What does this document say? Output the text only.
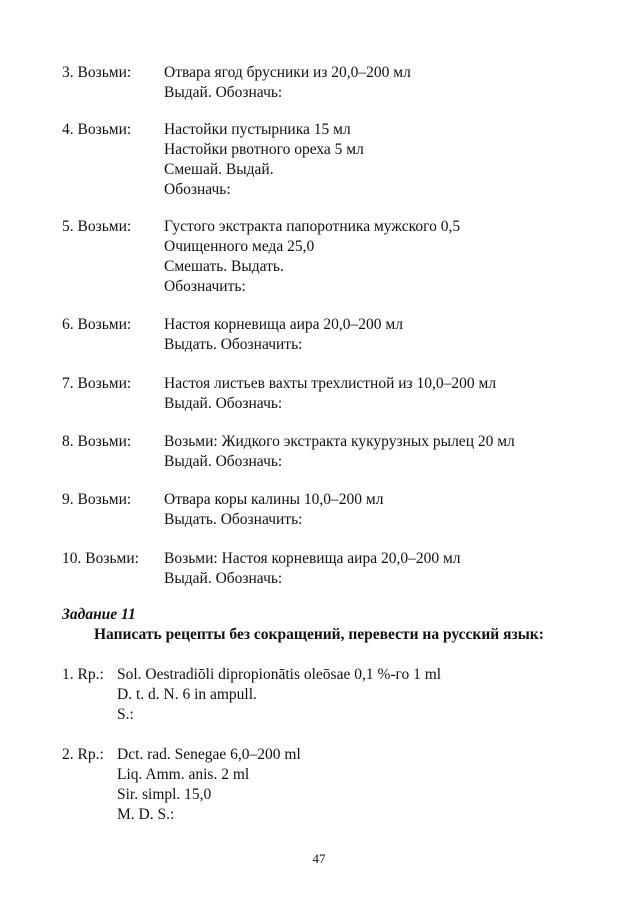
3. Возьми: Отвара ягод брусники из 20,0–200 мл
Выдай. Обозначь:
4. Возьми: Настойки пустырника 15 мл
Настойки рвотного ореха 5 мл
Смешай. Выдай.
Обозначь:
5. Возьми: Густого экстракта папоротника мужского 0,5
Очищенного меда 25,0
Смешать. Выдать.
Обозначить:
6. Возьми: Настоя корневища аира 20,0–200 мл
Выдать. Обозначить:
7. Возьми: Настоя листьев вахты трехлистной из 10,0–200 мл
Выдай. Обозначь:
8. Возьми: Возьми: Жидкого экстракта кукурузных рылец 20 мл
Выдай. Обозначь:
9. Возьми: Отвара коры калины 10,0–200 мл
Выдать. Обозначить:
10. Возьми: Возьми: Настоя корневища аира 20,0–200 мл
Выдай. Обозначь:
Задание 11
Написать рецепты без сокращений, перевести на русский язык:
1. Rp.: Sol. Oestradiōli dipropionātis oleōsae 0,1 %-го 1 ml
D. t. d. N. 6 in ampull.
S.:
2. Rp.: Dct. rad. Senegae 6,0–200 ml
Liq. Amm. anis. 2 ml
Sir. simpl. 15,0
M. D. S.:
47
